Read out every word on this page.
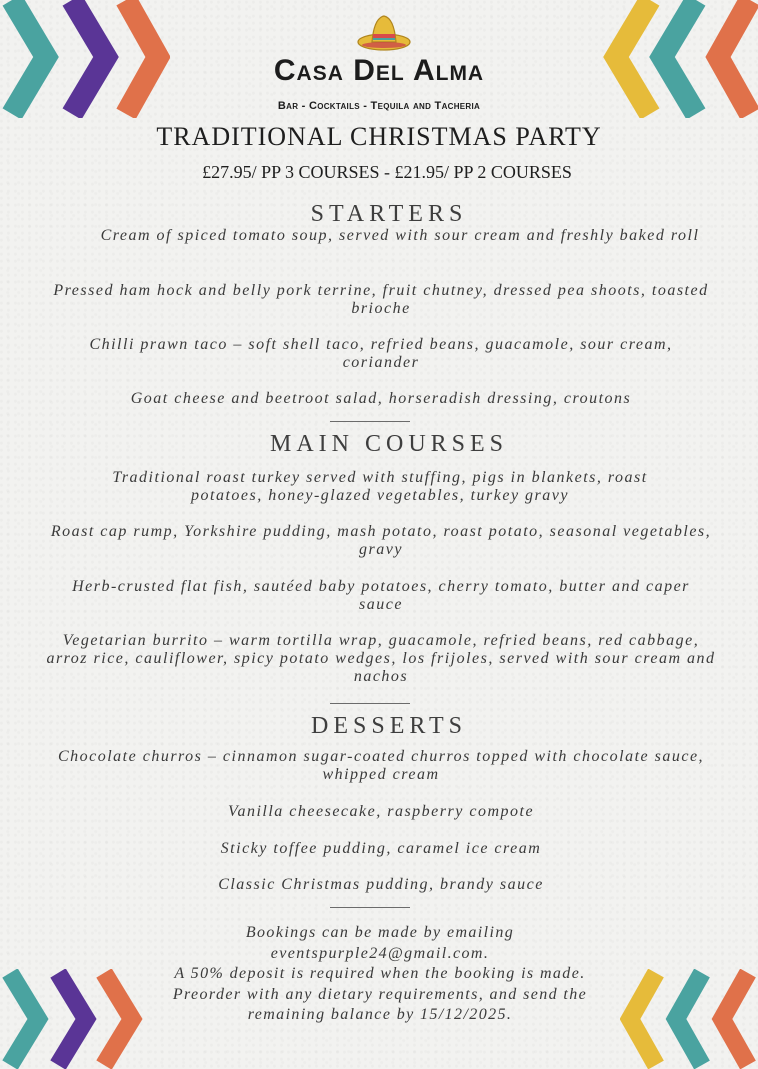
Casa Del Alma
Bar - Cocktails - Tequila and Tacheria
TRADITIONAL CHRISTMAS PARTY
£27.95/ PP 3 COURSES - £21.95/ PP 2 COURSES
STARTERS
Cream of spiced tomato soup, served with sour cream and freshly baked roll
Pressed ham hock and belly pork terrine, fruit chutney, dressed pea shoots, toasted brioche
Chilli prawn taco – soft shell taco, refried beans, guacamole, sour cream, coriander
Goat cheese and beetroot salad, horseradish dressing, croutons
MAIN COURSES
Traditional roast turkey served with stuffing, pigs in blankets, roast potatoes, honey-glazed vegetables, turkey gravy
Roast cap rump, Yorkshire pudding, mash potato, roast potato, seasonal vegetables, gravy
Herb-crusted flat fish, sautéed baby potatoes, cherry tomato, butter and caper sauce
Vegetarian burrito – warm tortilla wrap, guacamole, refried beans, red cabbage, arroz rice, cauliflower, spicy potato wedges, los frijoles, served with sour cream and nachos
DESSERTS
Chocolate churros – cinnamon sugar-coated churros topped with chocolate sauce, whipped cream
Vanilla cheesecake, raspberry compote
Sticky toffee pudding, caramel ice cream
Classic Christmas pudding, brandy sauce
Bookings can be made by emailing
eventspurple24@gmail.com.
A 50% deposit is required when the booking is made.
Preorder with any dietary requirements, and send the
remaining balance by 15/12/2025.
